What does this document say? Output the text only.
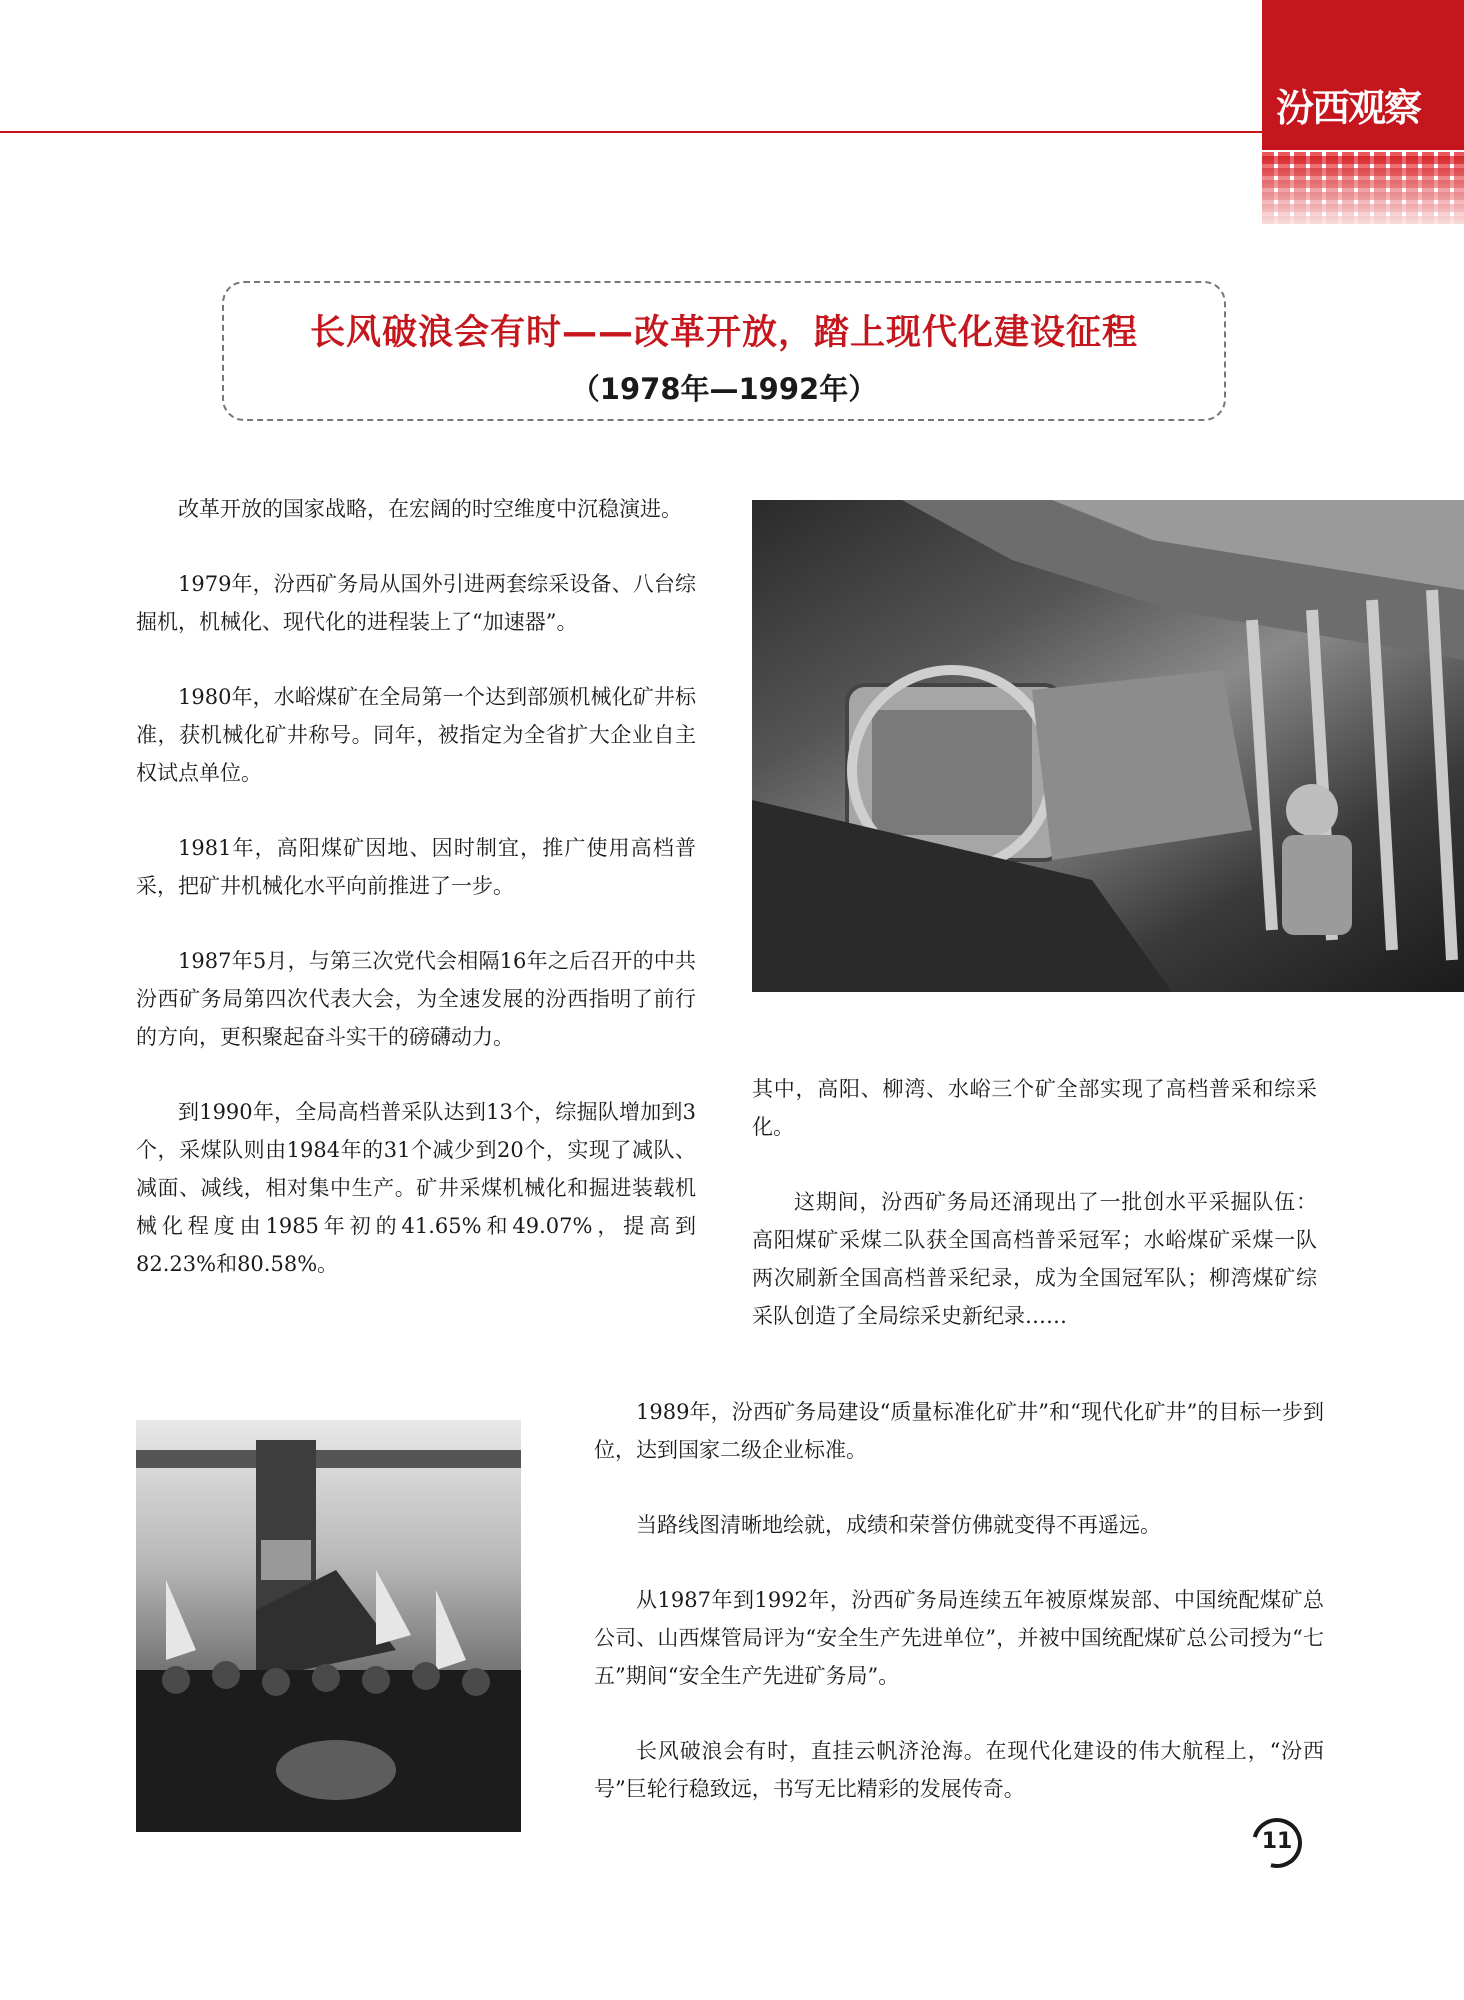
汾西观察
长风破浪会有时——改革开放，踏上现代化建设征程
（1978年—1992年）

改革开放的国家战略，在宏阔的时空维度中沉稳演进。

1979年，汾西矿务局从国外引进两套综采设备、八台综掘机，机械化、现代化的进程装上了“加速器”。

1980年，水峪煤矿在全局第一个达到部颁机械化矿井标准，获机械化矿井称号。同年，被指定为全省扩大企业自主权试点单位。

1981年，高阳煤矿因地、因时制宜，推广使用高档普采，把矿井机械化水平向前推进了一步。

1987年5月，与第三次党代会相隔16年之后召开的中共汾西矿务局第四次代表大会，为全速发展的汾西指明了前行的方向，更积聚起奋斗实干的磅礴动力。

到1990年，全局高档普采队达到13个，综掘队增加到3个，采煤队则由1984年的31个减少到20个，实现了减队、减面、减线，相对集中生产。矿井采煤机械化和掘进装载机械化程度由1985年初的41.65%和49.07%，提高到82.23%和80.58%。

其中，高阳、柳湾、水峪三个矿全部实现了高档普采和综采化。

这期间，汾西矿务局还涌现出了一批创水平采掘队伍：高阳煤矿采煤二队获全国高档普采冠军；水峪煤矿采煤一队两次刷新全国高档普采纪录，成为全国冠军队；柳湾煤矿综采队创造了全局综采史新纪录……

1989年，汾西矿务局建设“质量标准化矿井”和“现代化矿井”的目标一步到位，达到国家二级企业标准。

当路线图清晰地绘就，成绩和荣誉仿佛就变得不再遥远。

从1987年到1992年，汾西矿务局连续五年被原煤炭部、中国统配煤矿总公司、山西煤管局评为“安全生产先进单位”，并被中国统配煤矿总公司授为“七五”期间“安全生产先进矿务局”。

长风破浪会有时，直挂云帆济沧海。在现代化建设的伟大航程上，“汾西号”巨轮行稳致远，书写无比精彩的发展传奇。

11
